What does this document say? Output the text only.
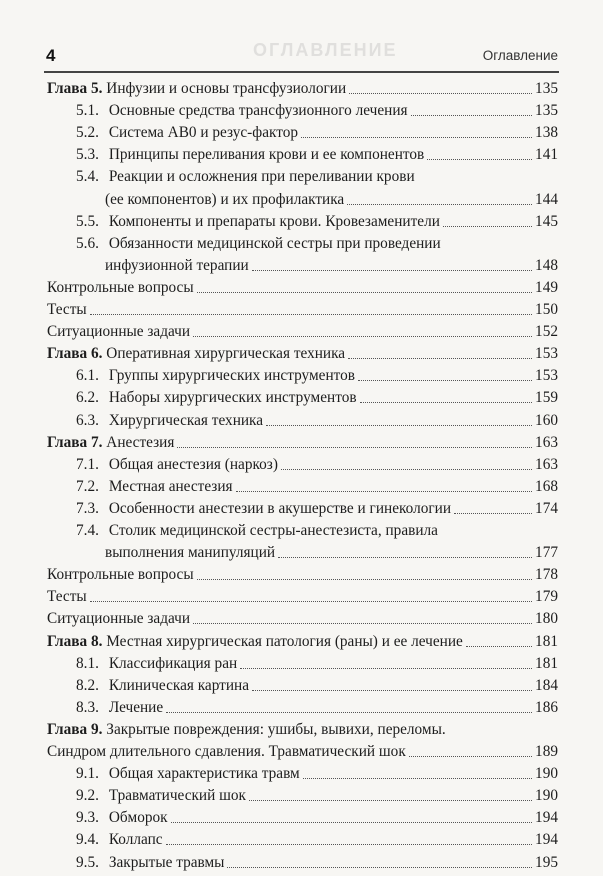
ОГЛАВЛЕНИЕ
4	Оглавление
Глава 5. Инфузии и основы трансфузиологии	135
5.1. Основные средства трансфузионного лечения	135
5.2. Система АВ0 и резус-фактор	138
5.3. Принципы переливания крови и ее компонентов	141
5.4. Реакции и осложнения при переливании крови
(ее компонентов) и их профилактика	144
5.5. Компоненты и препараты крови. Кровезаменители	145
5.6. Обязанности медицинской сестры при проведении
инфузионной терапии	148
Контрольные вопросы	149
Тесты	150
Ситуационные задачи	152
Глава 6. Оперативная хирургическая техника	153
6.1. Группы хирургических инструментов	153
6.2. Наборы хирургических инструментов	159
6.3. Хирургическая техника	160
Глава 7. Анестезия	163
7.1. Общая анестезия (наркоз)	163
7.2. Местная анестезия	168
7.3. Особенности анестезии в акушерстве и гинекологии	174
7.4. Столик медицинской сестры-анестезиста, правила
выполнения манипуляций	177
Контрольные вопросы	178
Тесты	179
Ситуационные задачи	180
Глава 8. Местная хирургическая патология (раны) и ее лечение	181
8.1. Классификация ран	181
8.2. Клиническая картина	184
8.3. Лечение	186
Глава 9. Закрытые повреждения: ушибы, вывихи, переломы.
Синдром длительного сдавления. Травматический шок	189
9.1. Общая характеристика травм	190
9.2. Травматический шок	190
9.3. Обморок	194
9.4. Коллапс	194
9.5. Закрытые травмы	195
